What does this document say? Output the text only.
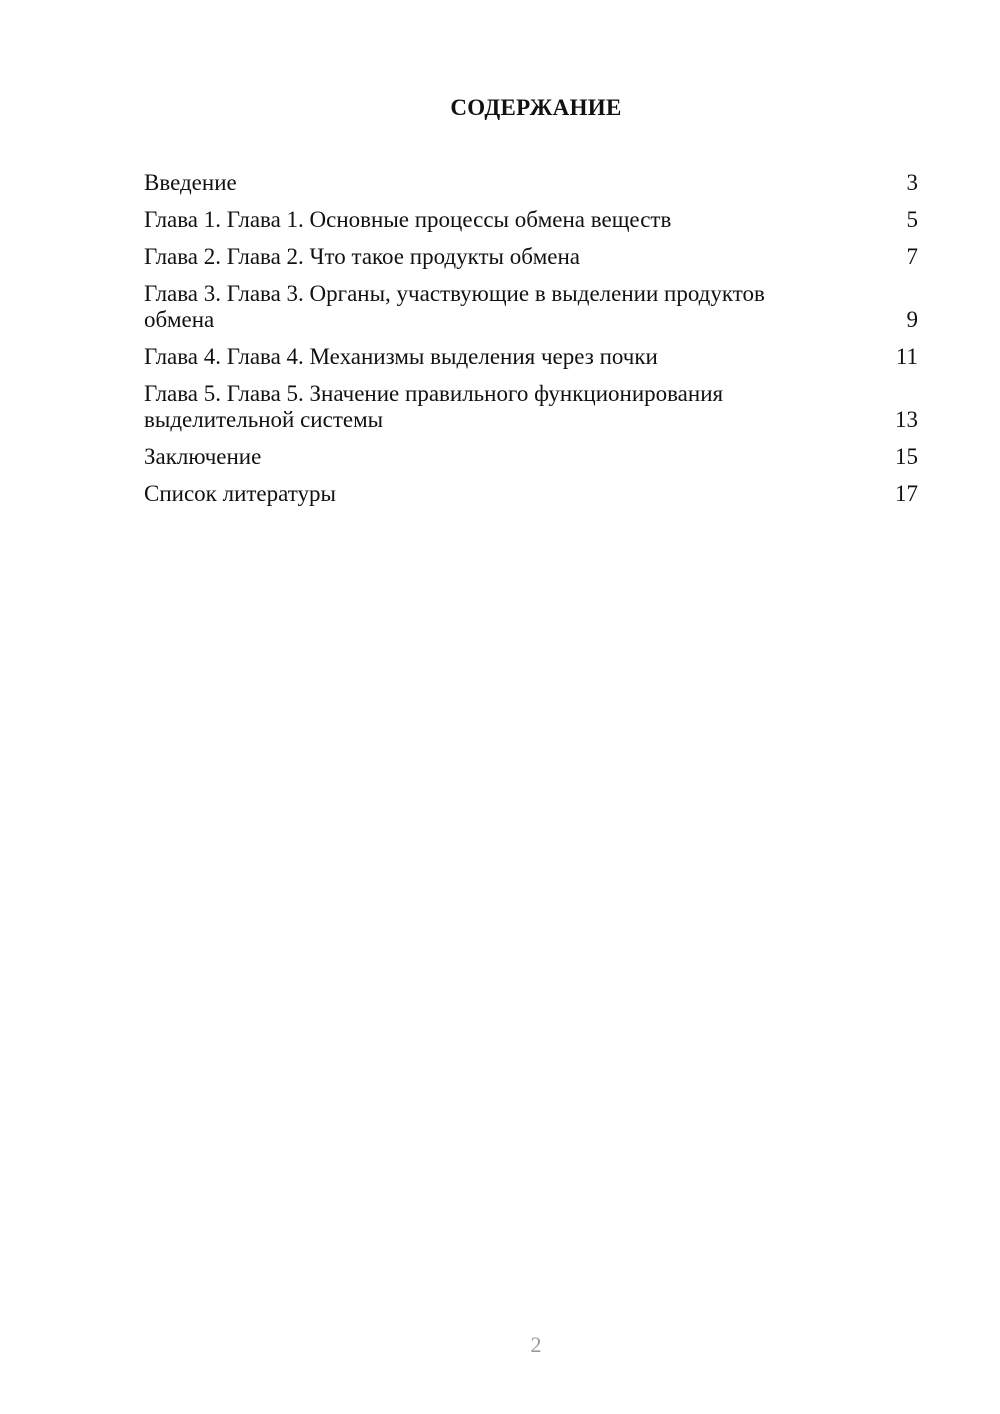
СОДЕРЖАНИЕ
Введение	3
Глава 1. Глава 1. Основные процессы обмена веществ	5
Глава 2. Глава 2. Что такое продукты обмена	7
Глава 3. Глава 3. Органы, участвующие в выделении продуктов обмена	9
Глава 4. Глава 4. Механизмы выделения через почки	11
Глава 5. Глава 5. Значение правильного функционирования выделительной системы	13
Заключение	15
Список литературы	17
2
